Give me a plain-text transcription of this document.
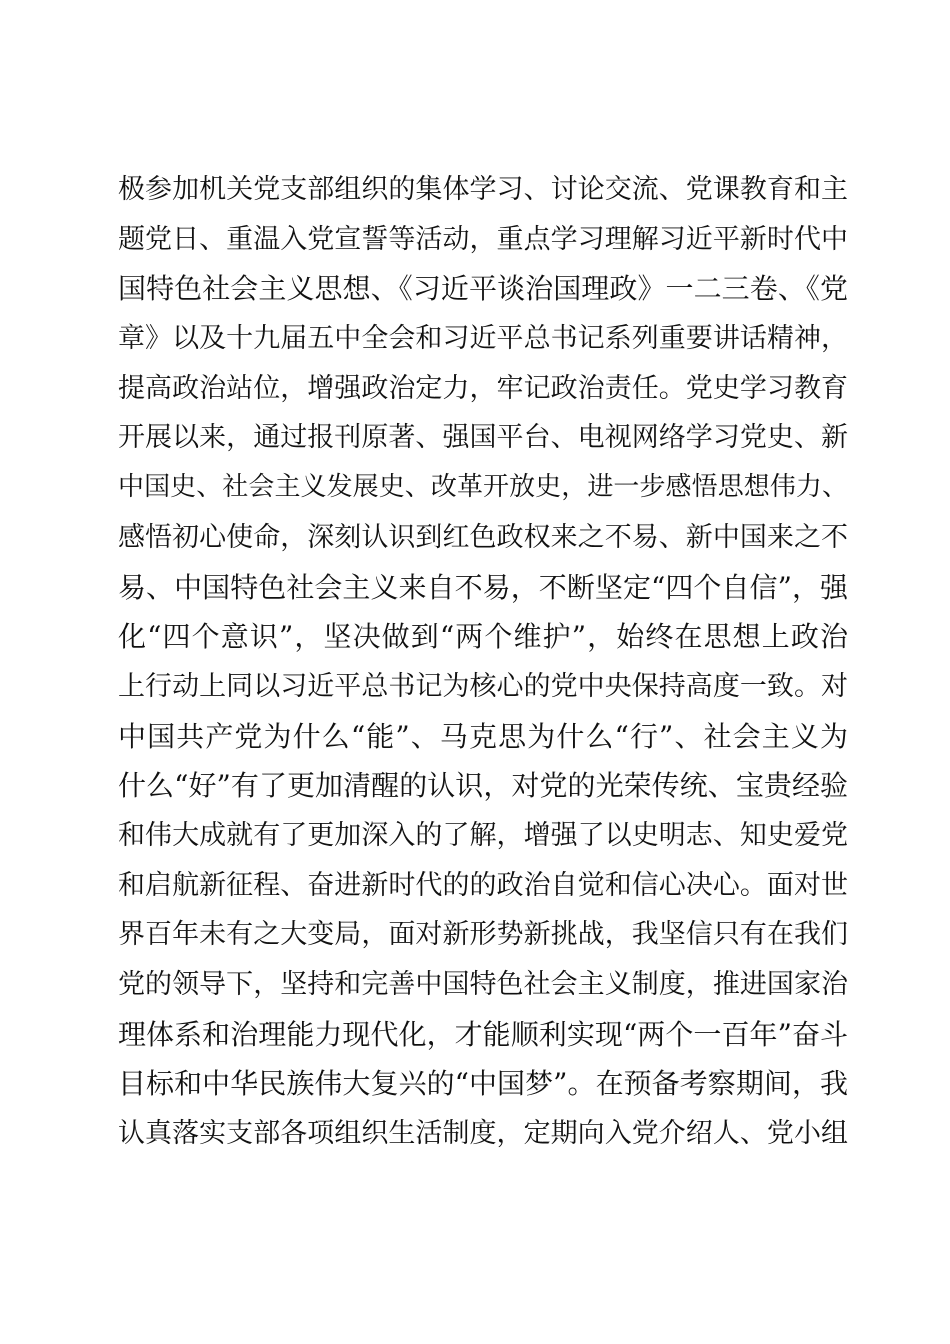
极参加机关党支部组织的集体学习、讨论交流、党课教育和主
题党日、重温入党宣誓等活动，重点学习理解习近平新时代中
国特色社会主义思想、《习近平谈治国理政》一二三卷、《党
章》以及十九届五中全会和习近平总书记系列重要讲话精神，
提高政治站位，增强政治定力，牢记政治责任。党史学习教育
开展以来，通过报刊原著、强国平台、电视网络学习党史、新
中国史、社会主义发展史、改革开放史，进一步感悟思想伟力、
感悟初心使命，深刻认识到红色政权来之不易、新中国来之不
易、中国特色社会主义来自不易，不断坚定“四个自信”，强
化“四个意识”，坚决做到“两个维护”，始终在思想上政治
上行动上同以习近平总书记为核心的党中央保持高度一致。对
中国共产党为什么“能”、马克思为什么“行”、社会主义为
什么“好”有了更加清醒的认识，对党的光荣传统、宝贵经验
和伟大成就有了更加深入的了解，增强了以史明志、知史爱党
和启航新征程、奋进新时代的的政治自觉和信心决心。面对世
界百年未有之大变局，面对新形势新挑战，我坚信只有在我们
党的领导下，坚持和完善中国特色社会主义制度，推进国家治
理体系和治理能力现代化，才能顺利实现“两个一百年”奋斗
目标和中华民族伟大复兴的“中国梦”。在预备考察期间，我
认真落实支部各项组织生活制度，定期向入党介绍人、党小组
